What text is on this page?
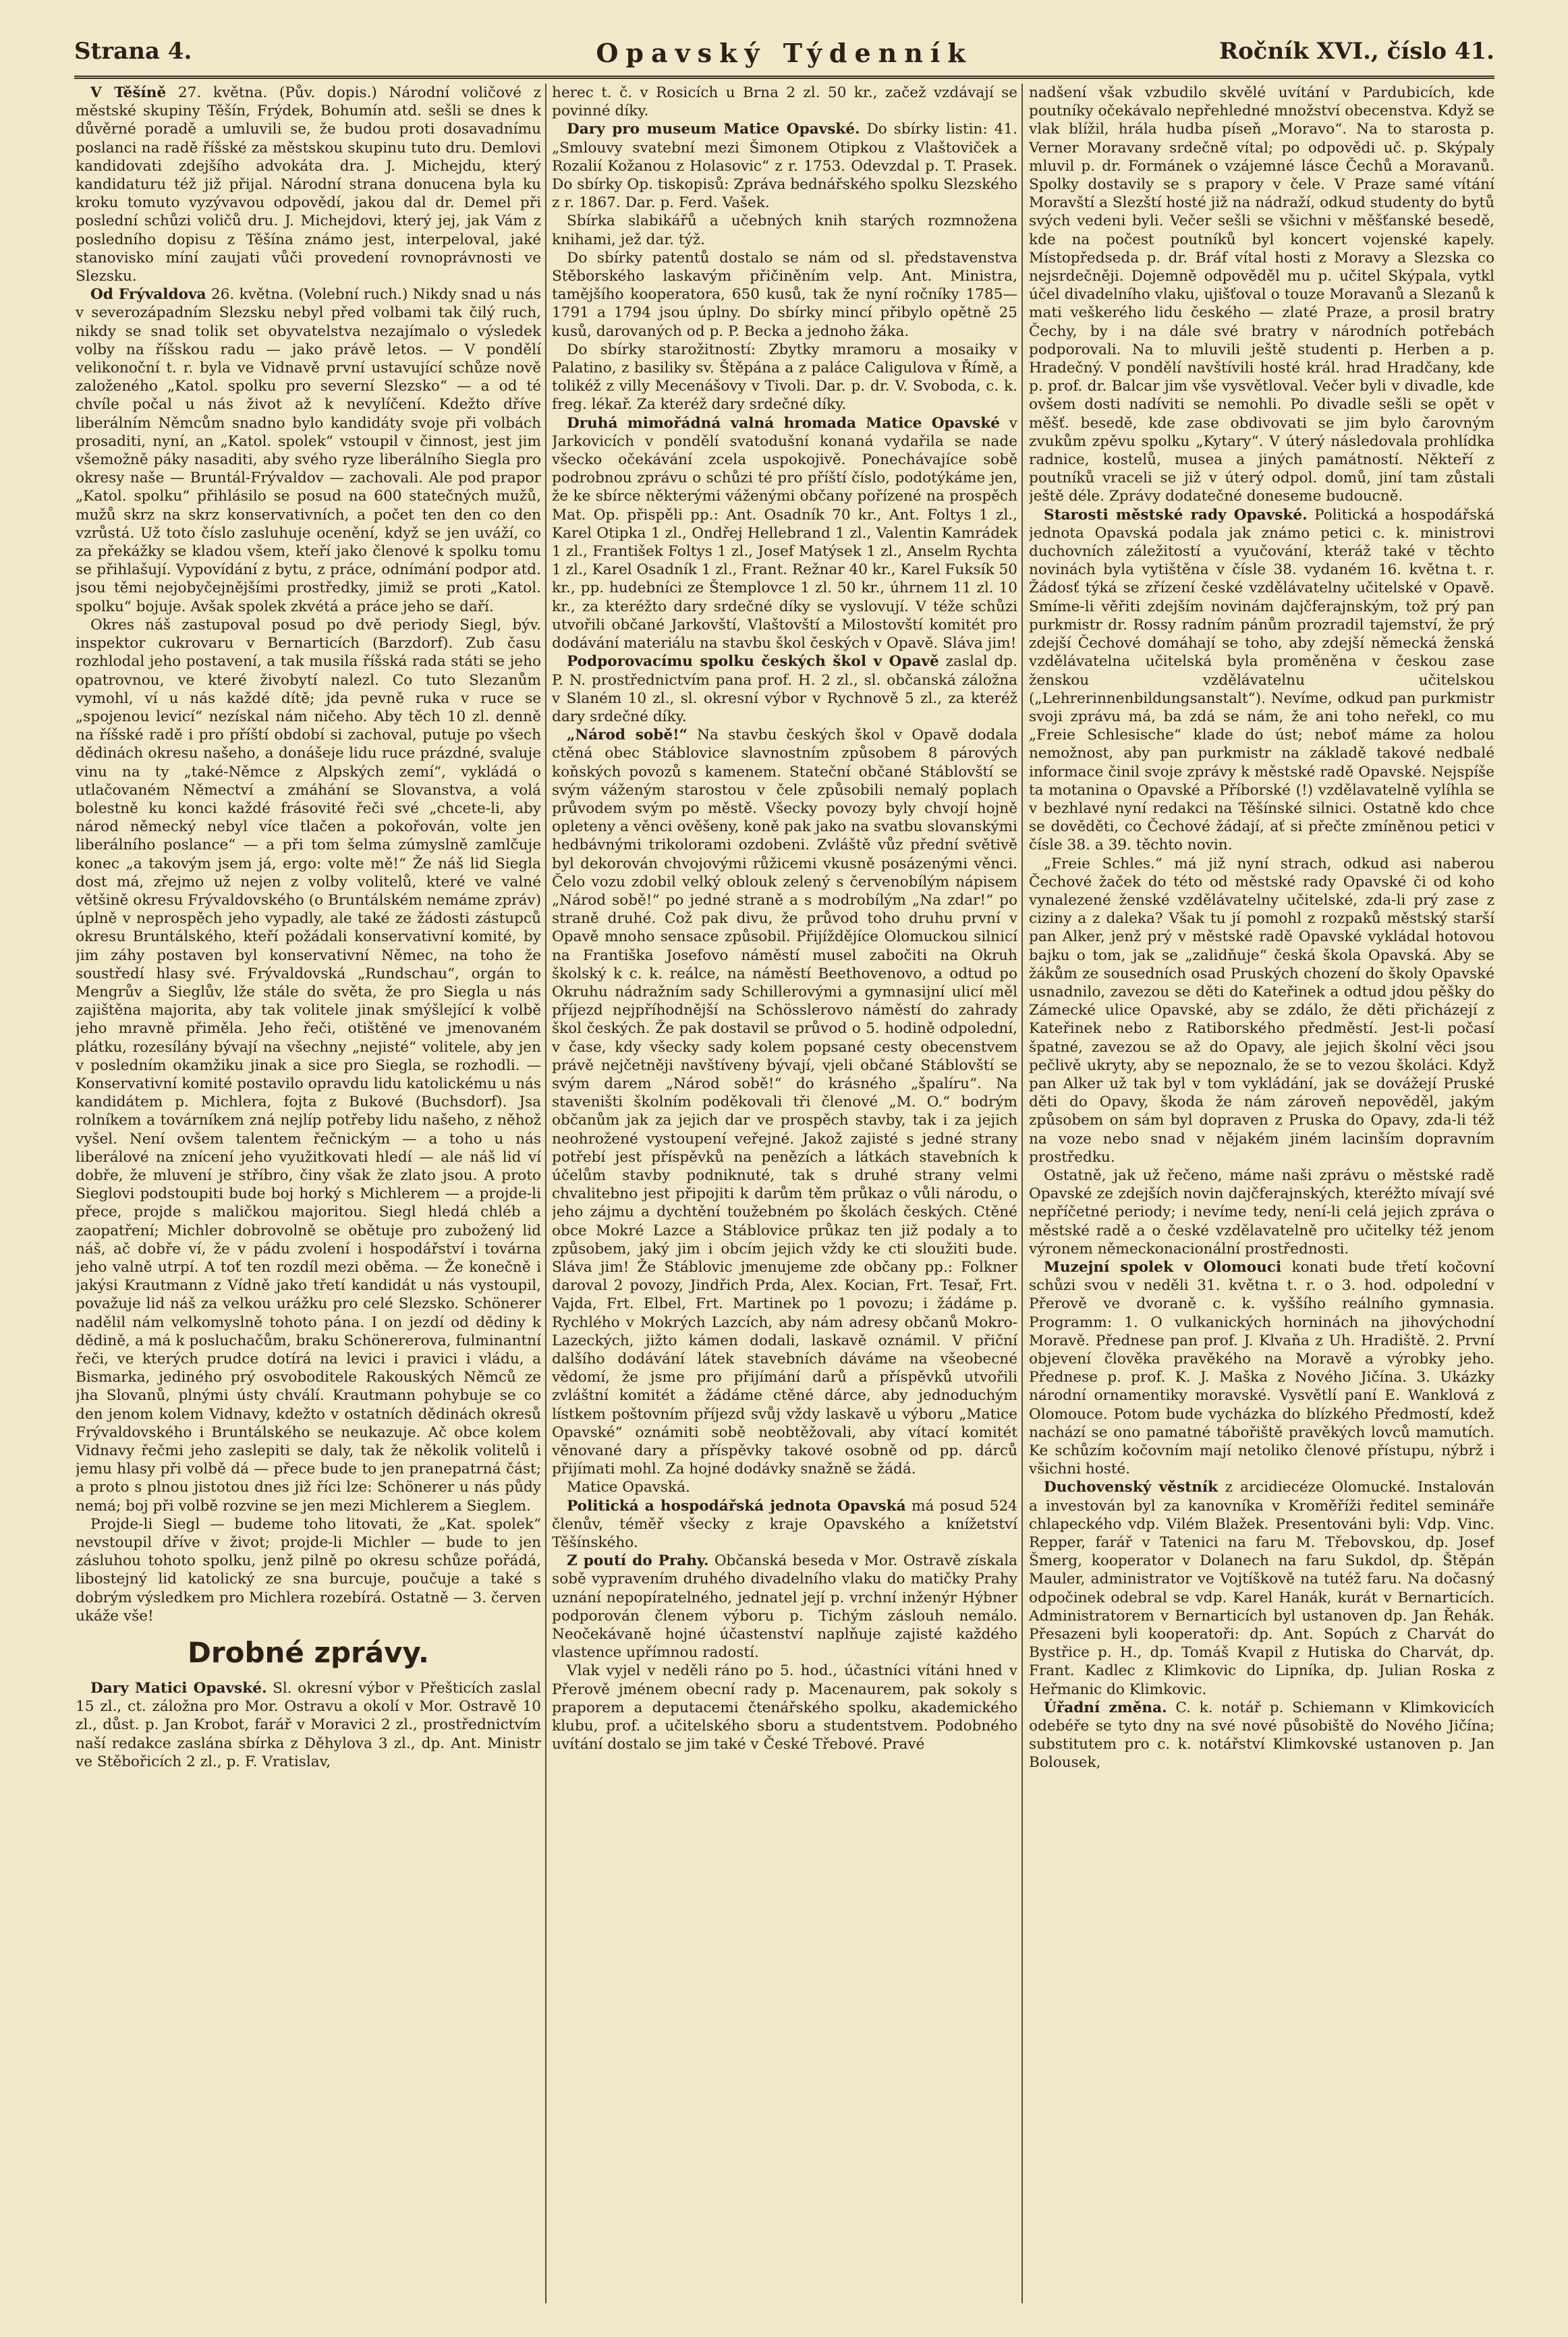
Strana 4.	Opavský Týdenník	Ročník XVI., číslo 41.

V Těšíně 27. května. (Pův. dopis.) Národní voličové z městské skupiny Těšín, Frýdek, Bohumín atd. sešli se dnes k důvěrné poradě a umluvili se, že budou proti dosavadnímu poslanci na radě říšské za městskou skupinu tuto dru. Demlovi kandidovati zdejšího advokáta dra. J. Michejdu, který kandidaturu též již přijal. Národní strana donucena byla ku kroku tomuto vyzývavou odpovědí, jakou dal dr. Demel při poslední schůzi voličů dru. J. Michejdovi, který jej, jak Vám z posledního dopisu z Těšína známo jest, interpeloval, jaké stanovisko míní zaujati vůči provedení rovnoprávnosti ve Slezsku.

Od Frývaldova 26. května. (Volební ruch.) Nikdy snad u nás v severozápadním Slezsku nebyl před volbami tak čilý ruch, nikdy se snad tolik set obyvatelstva nezajímalo o výsledek volby na říšskou radu — jako právě letos. — V pondělí velikonoční t. r. byla ve Vidnavě první ustavující schůze nově založeného „Katol. spolku pro severní Slezsko“ — a od té chvíle počal u nás život až k nevylíčení. Kdežto dříve liberálním Němcům snadno bylo kandidáty svoje při volbách prosaditi, nyní, an „Katol. spolek“ vstoupil v činnost, jest jim všemožně páky nasaditi, aby svého ryze liberálního Siegla pro okresy naše — Bruntál-Frývaldov — zachovali. Ale pod prapor „Katol. spolku“ přihlásilo se posud na 600 statečných mužů, mužů skrz na skrz konservativních, a počet ten den co den vzrůstá. Už toto číslo zasluhuje ocenění, když se jen uváží, co za překážky se kladou všem, kteří jako členové k spolku tomu se přihlašují. Vypovídání z bytu, z práce, odnímání podpor atd. jsou těmi nejobyčejnějšími prostředky, jimiž se proti „Katol. spolku“ bojuje. Avšak spolek zkvétá a práce jeho se daří.

Okres náš zastupoval posud po dvě periody Siegl, býv. inspektor cukrovaru v Bernarticích (Barzdorf). Zub času rozhlodal jeho postavení, a tak musila říšská rada státi se jeho opatrovnou, ve které živobytí nalezl. Co tuto Slezanům vymohl, ví u nás každé dítě; jda pevně ruka v ruce se „spojenou levicí“ nezískal nám ničeho. Aby těch 10 zl. denně na říšské radě i pro příští období si zachoval, putuje po všech dědinách okresu našeho, a donášeje lidu ruce prázdné, svaluje vinu na ty „také-Němce z Alpských zemí“, vykládá o utlačovaném Němectví a zmáhání se Slovanstva, a volá bolestně ku konci každé frásovité řeči své „chcete-li, aby národ německý nebyl více tlačen a pokořován, volte jen liberálního poslance“ — a při tom šelma zúmyslně zamlčuje konec „a takovým jsem já, ergo: volte mě!“ Že náš lid Siegla dost má, zřejmo už nejen z volby volitelů, které ve valné většině okresu Frývaldovského (o Bruntálském nemáme zpráv) úplně v neprospěch jeho vypadly, ale také ze žádosti zástupců okresu Bruntálského, kteří požádali konservativní komité, by jim záhy postaven byl konservativní Němec, na toho že soustředí hlasy své. Frývaldovská „Rundschau“, orgán to Mengrův a Sieglův, lže stále do světa, že pro Siegla u nás zajištěna majorita, aby tak volitele jinak smýšlející k volbě jeho mravně přiměla. Jeho řeči, otištěné ve jmenovaném plátku, rozesílány bývají na všechny „nejisté“ volitele, aby jen v posledním okamžiku jinak a sice pro Siegla, se rozhodli. — Konservativní komité postavilo opravdu lidu katolickému u nás kandidátem p. Michlera, fojta z Bukové (Buchsdorf). Jsa rolníkem a továrníkem zná nejlíp potřeby lidu našeho, z něhož vyšel. Není ovšem talentem řečnickým — a toho u nás liberálové na znícení jeho využitkovati hledí — ale náš lid ví dobře, že mluvení je stříbro, činy však že zlato jsou. A proto Sieglovi podstoupiti bude boj horký s Michlerem — a projde-li přece, projde s maličkou majoritou. Siegl hledá chléb a zaopatření; Michler dobrovolně se obětuje pro zubožený lid náš, ač dobře ví, že v pádu zvolení i hospodářství i továrna jeho valně utrpí. A toť ten rozdíl mezi oběma. — Že konečně i jakýsi Krautmann z Vídně jako třetí kandidát u nás vystoupil, považuje lid náš za velkou urážku pro celé Slezsko. Schönerer nadělil nám velkomyslně tohoto pána. I on jezdí od dědiny k dědině, a má k posluchačům, braku Schönererova, fulminantní řeči, ve kterých prudce dotírá na levici i pravici i vládu, a Bismarka, jediného prý osvoboditele Rakouských Němců ze jha Slovanů, plnými ústy chválí. Krautmann pohybuje se co den jenom kolem Vidnavy, kdežto v ostatních dědinách okresů Frývaldovského i Bruntálského se neukazuje. Ač obce kolem Vidnavy řečmi jeho zaslepiti se daly, tak že několik volitelů i jemu hlasy při volbě dá — přece bude to jen pranepatrná část; a proto s plnou jistotou dnes již říci lze: Schönerer u nás půdy nemá; boj při volbě rozvine se jen mezi Michlerem a Sieglem.

Projde-li Siegl — budeme toho litovati, že „Kat. spolek“ nevstoupil dříve v život; projde-li Michler — bude to jen zásluhou tohoto spolku, jenž pilně po okresu schůze pořádá, libostejný lid katolický ze sna burcuje, poučuje a také s dobrým výsledkem pro Michlera rozebírá. Ostatně — 3. červen ukáže vše!

Drobné zprávy.

Dary Matici Opavské. Sl. okresní výbor v Přešticích zaslal 15 zl., ct. záložna pro Mor. Ostravu a okolí v Mor. Ostravě 10 zl., důst. p. Jan Krobot, farář v Moravici 2 zl., prostřednictvím naší redakce zaslána sbírka z Děhylova 3 zl., dp. Ant. Ministr ve Stěbořicích 2 zl., p. F. Vratislav,

herec t. č. v Rosicích u Brna 2 zl. 50 kr., začež vzdávají se povinné díky.

Dary pro museum Matice Opavské. Do sbírky listin: 41. „Smlouvy svatební mezi Šimonem Otipkou z Vlaštoviček a Rozalií Kožanou z Holasovic“ z r. 1753. Odevzdal p. T. Prasek. Do sbírky Op. tiskopisů: Zpráva bednářského spolku Slezského z r. 1867. Dar. p. Ferd. Vašek.

Sbírka slabikářů a učebných knih starých rozmnožena knihami, jež dar. týž.

Do sbírky patentů dostalo se nám od sl. představenstva Stěborského laskavým přičiněním velp. Ant. Ministra, tamějšího kooperatora, 650 kusů, tak že nyní ročníky 1785—1791 a 1794 jsou úplny. Do sbírky mincí přibylo opětně 25 kusů, darovaných od p. P. Becka a jednoho žáka.

Do sbírky starožitností: Zbytky mramoru a mosaiky v Palatino, z basiliky sv. Štěpána a z paláce Caligulova v Římě, a tolikéž z villy Mecenášovy v Tivoli. Dar. p. dr. V. Svoboda, c. k. freg. lékař. Za kteréž dary srdečné díky.

Druhá mimořádná valná hromada Matice Opavské v Jarkovicích v pondělí svatodušní konaná vydařila se nade všecko očekávání zcela uspokojivě. Ponechávajíce sobě podrobnou zprávu o schůzi té pro příští číslo, podotýkáme jen, že ke sbírce některými váženými občany pořízené na prospěch Mat. Op. přispěli pp.: Ant. Osadník 70 kr., Ant. Foltys 1 zl., Karel Otipka 1 zl., Ondřej Hellebrand 1 zl., Valentin Kamrádek 1 zl., František Foltys 1 zl., Josef Matýsek 1 zl., Anselm Rychta 1 zl., Karel Osadník 1 zl., Frant. Režnar 40 kr., Karel Fuksík 50 kr., pp. hudebníci ze Štemplovce 1 zl. 50 kr., úhrnem 11 zl. 10 kr., za kteréžto dary srdečné díky se vyslovují. V téže schůzi utvořili občané Jarkovští, Vlaštovští a Milostovští komitét pro dodávání materiálu na stavbu škol českých v Opavě. Sláva jim!

Podporovacímu spolku českých škol v Opavě zaslal dp. P. N. prostřednictvím pana prof. H. 2 zl., sl. občanská záložna v Slaném 10 zl., sl. okresní výbor v Rychnově 5 zl., za kteréž dary srdečné díky.

„Národ sobě!“ Na stavbu českých škol v Opavě dodala ctěná obec Stáblovice slavnostním způsobem 8 párových koňských povozů s kamenem. Stateční občané Stáblovští se svým váženým starostou v čele způsobili nemalý poplach průvodem svým po městě. Všecky povozy byly chvojí hojně opleteny a věnci ověšeny, koně pak jako na svatbu slovanskými hedbávnými trikolorami ozdobeni. Zvláště vůz přední světivě byl dekorován chvojovými růžicemi vkusně posázenými věnci. Čelo vozu zdobil velký oblouk zelený s červenobílým nápisem „Národ sobě!“ po jedné straně a s modrobílým „Na zdar!“ po straně druhé. Což pak divu, že průvod toho druhu první v Opavě mnoho sensace způsobil. Přijíždějíce Olomuckou silnicí na Františka Josefovo náměstí musel zabočiti na Okruh školský k c. k. reálce, na náměstí Beethovenovo, a odtud po Okruhu nádražním sady Schillerovými a gymnasijní ulicí měl příjezd nejpříhodnější na Schösslerovo náměstí do zahrady škol českých. Že pak dostavil se průvod o 5. hodině odpolední, v čase, kdy všecky sady kolem popsané cesty obecenstvem právě nejčetněji navštíveny bývají, vjeli občané Stáblovští se svým darem „Národ sobě!“ do krásného „špalíru“. Na staveništi školním poděkovali tři členové „M. O.“ bodrým občanům jak za jejich dar ve prospěch stavby, tak i za jejich neohrožené vystoupení veřejné. Jakož zajisté s jedné strany potřebí jest příspěvků na penězích a látkách stavebních k účelům stavby podniknuté, tak s druhé strany velmi chvalitebno jest připojiti k darům těm průkaz o vůli národu, o jeho zájmu a dychtění toužebném po školách českých. Ctěné obce Mokré Lazce a Stáblovice průkaz ten již podaly a to způsobem, jaký jim i obcím jejich vždy ke cti sloužiti bude. Sláva jim! Že Stáblovic jmenujeme zde občany pp.: Folkner daroval 2 povozy, Jindřich Prda, Alex. Kocian, Frt. Tesař, Frt. Vajda, Frt. Elbel, Frt. Martinek po 1 povozu; i žádáme p. Rychlého v Mokrých Lazcích, aby nám adresy občanů Mokro-Lazeckých, jižto kámen dodali, laskavě oznámil. V přiční dalšího dodávání látek stavebních dáváme na všeobecné vědomí, že jsme pro přijímání darů a příspěvků utvořili zvláštní komitét a žádáme ctěné dárce, aby jednoduchým lístkem poštovním příjezd svůj vždy laskavě u výboru „Matice Opavské“ oznámiti sobě neobtěžovali, aby vítací komitét věnované dary a příspěvky takové osobně od pp. dárců přijímati mohl. Za hojné dodávky snažně se žádá.

Matice Opavská.

Politická a hospodářská jednota Opavská má posud 524 členův, téměř všecky z kraje Opavského a knížetství Těšínského.

Z poutí do Prahy. Občanská beseda v Mor. Ostravě získala sobě vypravením druhého divadelního vlaku do matičky Prahy uznání nepopíratelného, jednatel její p. vrchní inženýr Hýbner podporován členem výboru p. Tichým záslouh nemálo. Neočekávaně hojné účastenství naplňuje zajisté každého vlastence upřímnou radostí.

Vlak vyjel v neděli ráno po 5. hod., účastníci vítáni hned v Přerově jménem obecní rady p. Macenaurem, pak sokoly s praporem a deputacemi čtenářského spolku, akademického klubu, prof. a učitelského sboru a studentstvem. Podobného uvítání dostalo se jim také v České Třebové. Pravé

nadšení však vzbudilo skvělé uvítání v Pardubicích, kde poutníky očekávalo nepřehledné množství obecenstva. Když se vlak blížil, hrála hudba píseň „Moravo“. Na to starosta p. Verner Moravany srdečně vítal; po odpovědi uč. p. Skýpaly mluvil p. dr. Formánek o vzájemné lásce Čechů a Moravanů. Spolky dostavily se s prapory v čele. V Praze samé vítání Moravští a Slezští hosté již na nádraží, odkud studenty do bytů svých vedeni byli. Večer sešli se všichni v měšťanské besedě, kde na počest poutníků byl koncert vojenské kapely. Místopředseda p. dr. Bráf vítal hosti z Moravy a Slezska co nejsrdečněji. Dojemně odpověděl mu p. učitel Skýpala, vytkl účel divadelního vlaku, ujišťoval o touze Moravanů a Slezanů k mati veškerého lidu českého — zlaté Praze, a prosil bratry Čechy, by i na dále své bratry v národních potřebách podporovali. Na to mluvili ještě studenti p. Herben a p. Hradečný. V pondělí navštívili hosté král. hrad Hradčany, kde p. prof. dr. Balcar jim vše vysvětloval. Večer byli v divadle, kde ovšem dosti nadíviti se nemohli. Po divadle sešli se opět v měšť. besedě, kde zase obdivovati se jim bylo čarovným zvukům zpěvu spolku „Kytary“. V úterý následovala prohlídka radnice, kostelů, musea a jiných památností. Někteří z poutníků vraceli se již v úterý odpol. domů, jiní tam zůstali ještě déle. Zprávy dodatečné doneseme budoucně.

Starosti městské rady Opavské. Politická a hospodářská jednota Opavská podala jak známo petici c. k. ministrovi duchovních záležitostí a vyučování, kteráž také v těchto novinách byla vytištěna v čísle 38. vydaném 16. května t. r. Žádosť týká se zřízení české vzdělávatelny učitelské v Opavě. Smíme-li věřiti zdejším novinám dajčferajnským, tož prý pan purkmistr dr. Rossy radním pánům prozradil tajemství, že prý zdejší Čechové domáhají se toho, aby zdejší německá ženská vzdělávatelna učitelská byla proměněna v českou zase ženskou vzdělávatelnu učitelskou („Lehrerinnenbildungsanstalt“). Nevíme, odkud pan purkmistr svoji zprávu má, ba zdá se nám, že ani toho neřekl, co mu „Freie Schlesische“ klade do úst; neboť máme za holou nemožnost, aby pan purkmistr na základě takové nedbalé informace činil svoje zprávy k městské radě Opavské. Nejspíše ta motanina o Opavské a Příborské (!) vzdělavatelně vylíhla se v bezhlavé nyní redakci na Těšínské silnici. Ostatně kdo chce se dověděti, co Čechové žádají, ať si přečte zmíněnou petici v čísle 38. a 39. těchto novin.

„Freie Schles.“ má již nyní strach, odkud asi naberou Čechové žaček do této od městské rady Opavské či od koho vynalezené ženské vzdělávatelny učitelské, zda-li prý zase z cizi​ny a z daleka? Však tu jí pomohl z rozpaků městský starší pan Alker, jenž prý v městské radě Opavské vykládal hotovou bajku o tom, jak se „zalidňuje“ česká škola Opavská. Aby se žákům ze sousedních osad Pruských chození do školy Opavské usnadnilo, zavezou se děti do Kateřinek a odtud jdou pěšky do Zámecké ulice Opavské, aby se zdálo, že děti přicházejí z Kateřinek nebo z Ratiborského předměstí. Jest-li počasí špatné, zavezou se až do Opavy, ale jejich školní věci jsou pečlivě ukryty, aby se nepoznalo, že se to vezou školáci. Když pan Alker už tak byl v tom vykládání, jak se dovážejí Pruské děti do Opavy, škoda že nám zároveň nepověděl, jakým způsobem on sám byl dopraven z Pruska do Opavy, zda-li též na voze nebo snad v nějakém jiném lacinším dopravním prostředku.

Ostatně, jak už řečeno, máme naši zprávu o městské radě Opavské ze zdejších novin dajčferajnských, kteréžto mívají své nepříčetné periody; i nevíme tedy, není-li celá jejich zpráva o městské radě a o české vzdělavatelně pro učitelky též jenom výronem německonacionální prostřednosti.

Muzejní spolek v Olomouci konati bude třetí kočovní schůzi svou v neděli 31. května t. r. o 3. hod. odpolední v Přerově ve dvoraně c. k. vyššího reálního gymnasia. Programm: 1. O vulkanických horninách na jihovýchodní Moravě. Přednese pan prof. J. Klvaňa z Uh. Hradiště. 2. První objevení člověka pravěkého na Moravě a výrobky jeho. Přednese p. prof. K. J. Maška z Nového Jičína. 3. Ukázky národní ornamentiky moravské. Vysvětlí paní E. Wanklová z Olomouce. Potom bude vycházka do blízkého Předmostí, kdež nachází se ono pamatné tábořiště pravěkých lovců mamutích. Ke schůzím kočovním mají netoliko členové přístupu, nýbrž i všichni hosté.

Duchovenský věstník z arcidiecéze Olomucké. Instalován a investován byl za kanovníka v Kroměříži ředitel semináře chlapeckého vdp. Vilém Blažek. Presentováni byli: Vdp. Vinc. Repper, farář v Tatenici na faru M. Třebovskou, dp. Josef Šmerg, kooperator v Dolanech na faru Sukdol, dp. Štěpán Mauler, administrator ve Vojtíškově na tutéž faru. Na dočasný odpočinek odebral se vdp. Karel Hanák, kurát v Bernarticích. Administratorem v Bernarticích byl ustanoven dp. Jan Řehák. Přesazeni byli kooperatoři: dp. Ant. Sopúch z Charvát do Bystřice p. H., dp. Tomáš Kvapil z Hutiska do Charvát, dp. Frant. Kadlec z Klimkovic do Lipníka, dp. Julian Roska z Heřmanic do Klimkovic.

Úřadní změna. C. k. notář p. Schiemann v Klimkovicích odebéře se tyto dny na své nové působiště do Nového Jičína; substitutem pro c. k. notářství Klimkovské ustanoven p. Jan Bolousek,
